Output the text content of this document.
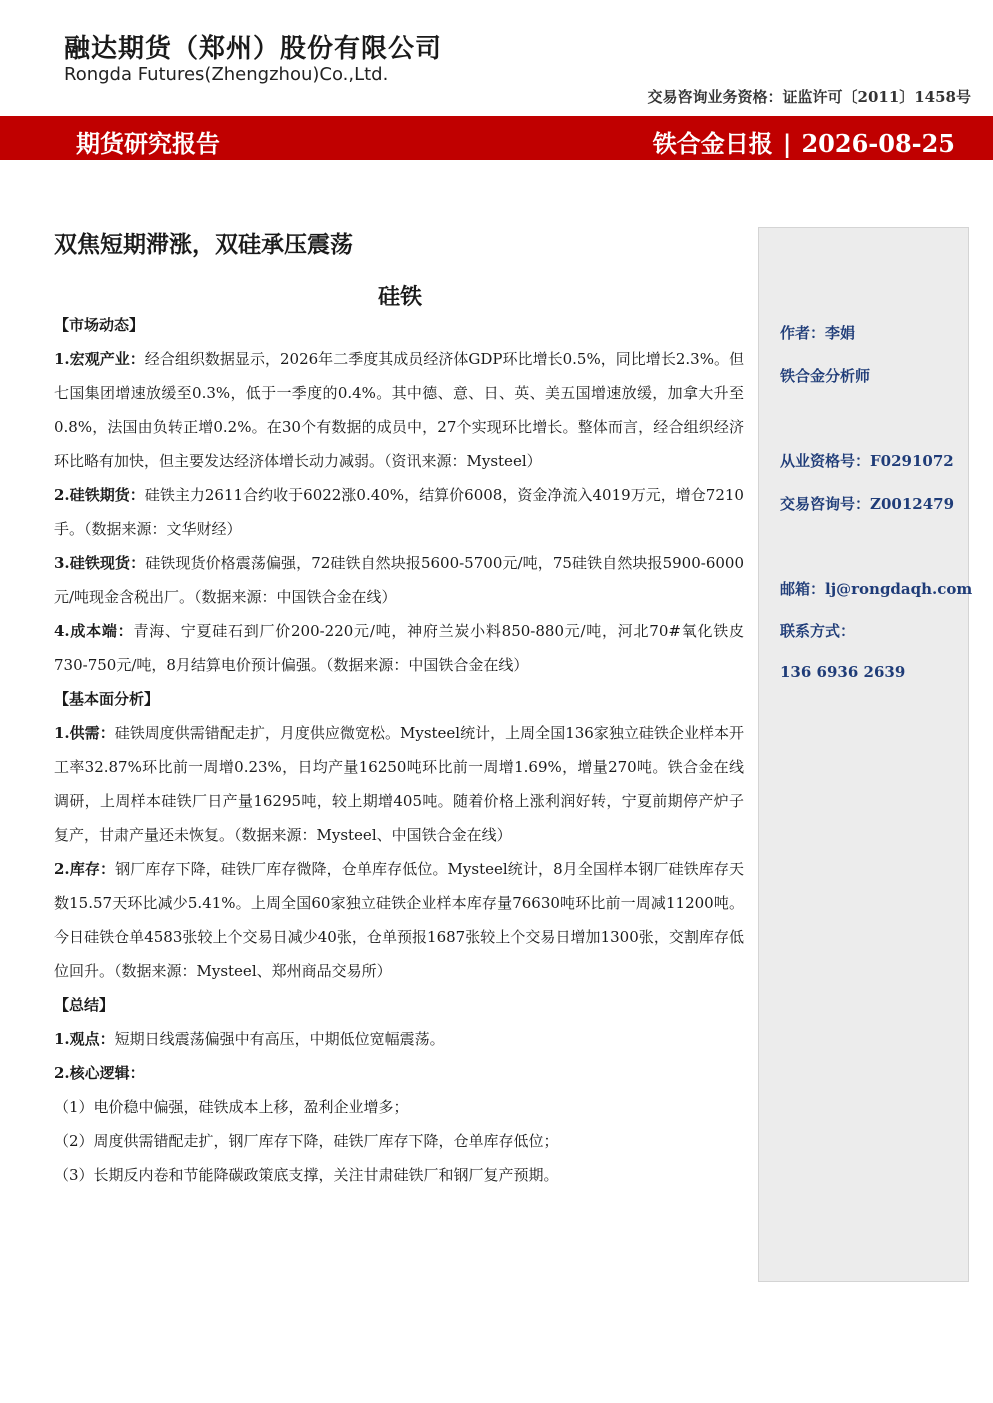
融达期货（郑州）股份有限公司
Rongda Futures(Zhengzhou)Co.,Ltd.
交易咨询业务资格：证监许可〔2011〕1458号
期货研究报告	铁合金日报 | 2026-08-25
双焦短期滞涨，双硅承压震荡
硅铁

【市场动态】

1.宏观产业：经合组织数据显示，2026年二季度其成员经济体GDP环比增长0.5%，同比增长2.3%。但七国集团增速放缓至0.3%，低于一季度的0.4%。其中德、意、日、英、美五国增速放缓，加拿大升至0.8%，法国由负转正增0.2%。在30个有数据的成员中，27个实现环比增长。整体而言，经合组织经济环比略有加快，但主要发达经济体增长动力减弱。（资讯来源：Mysteel）

2.硅铁期货：硅铁主力2611合约收于6022涨0.40%，结算价6008，资金净流入4019万元，增仓7210手。（数据来源：文华财经）

3.硅铁现货：硅铁现货价格震荡偏强，72硅铁自然块报5600-5700元/吨，75硅铁自然块报5900-6000元/吨现金含税出厂。（数据来源：中国铁合金在线）

4.成本端：青海、宁夏硅石到厂价200-220元/吨，神府兰炭小料850-880元/吨，河北70#氧化铁皮730-750元/吨，8月结算电价预计偏强。（数据来源：中国铁合金在线）

【基本面分析】

1.供需：硅铁周度供需错配走扩，月度供应微宽松。Mysteel统计，上周全国136家独立硅铁企业样本开工率32.87%环比前一周增0.23%，日均产量16250吨环比前一周增1.69%，增量270吨。铁合金在线调研，上周样本硅铁厂日产量16295吨，较上期增405吨。随着价格上涨利润好转，宁夏前期停产炉子复产，甘肃产量还未恢复。（数据来源：Mysteel、中国铁合金在线）

2.库存：钢厂库存下降，硅铁厂库存微降，仓单库存低位。Mysteel统计，8月全国样本钢厂硅铁库存天数15.57天环比减少5.41%。上周全国60家独立硅铁企业样本库存量76630吨环比前一周减11200吨。今日硅铁仓单4583张较上个交易日减少40张，仓单预报1687张较上个交易日增加1300张，交割库存低位回升。（数据来源：Mysteel、郑州商品交易所）

【总结】

1.观点：短期日线震荡偏强中有高压，中期低位宽幅震荡。

2.核心逻辑：

（1）电价稳中偏强，硅铁成本上移，盈利企业增多；

（2）周度供需错配走扩，钢厂库存下降，硅铁厂库存下降，仓单库存低位；

（3）长期反内卷和节能降碳政策底支撑，关注甘肃硅铁厂和钢厂复产预期。

作者：李娟
铁合金分析师
从业资格号：F0291072
交易咨询号：Z0012479
邮箱：lj@rongdaqh.com
联系方式：
136 6936 2639
